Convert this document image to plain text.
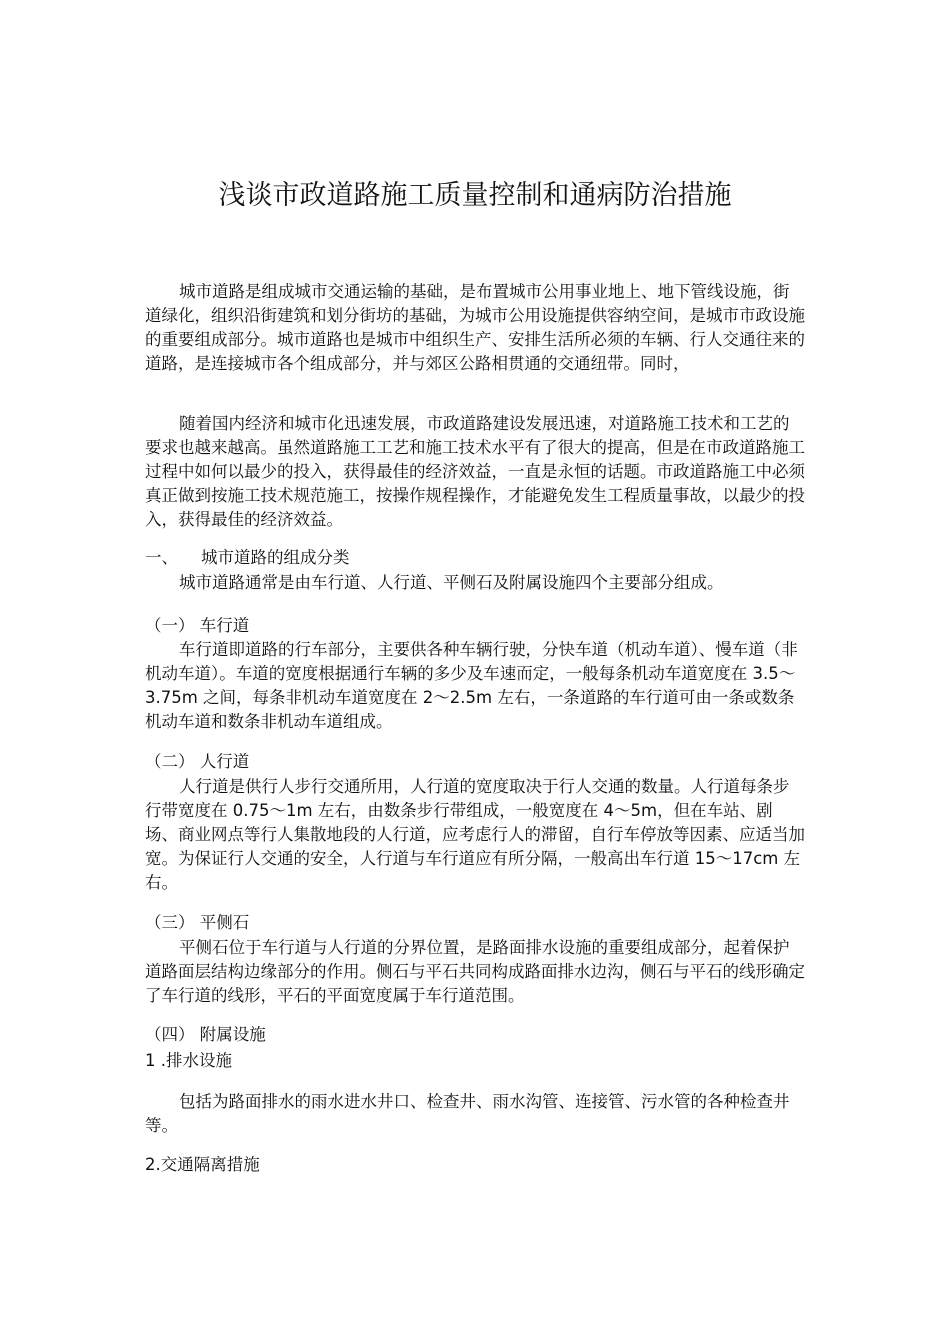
浅谈市政道路施工质量控制和通病防治措施

城市道路是组成城市交通运输的基础，是布置城市公用事业地上、地下管线设施，街道绿化，组织沿街建筑和划分街坊的基础，为城市公用设施提供容纳空间，是城市市政设施的重要组成部分。城市道路也是城市中组织生产、安排生活所必须的车辆、行人交通往来的道路，是连接城市各个组成部分，并与郊区公路相贯通的交通纽带。同时，

随着国内经济和城市化迅速发展，市政道路建设发展迅速，对道路施工技术和工艺的要求也越来越高。虽然道路施工工艺和施工技术水平有了很大的提高，但是在市政道路施工过程中如何以最少的投入，获得最佳的经济效益，一直是永恒的话题。市政道路施工中必须真正做到按施工技术规范施工，按操作规程操作，才能避免发生工程质量事故，以最少的投入，获得最佳的经济效益。

一、 城市道路的组成分类

城市道路通常是由车行道、人行道、平侧石及附属设施四个主要部分组成。

（一） 车行道

车行道即道路的行车部分，主要供各种车辆行驶，分快车道（机动车道）、慢车道（非机动车道）。车道的宽度根据通行车辆的多少及车速而定，一般每条机动车道宽度在 3.5～3.75m 之间，每条非机动车道宽度在 2～2.5m 左右，一条道路的车行道可由一条或数条机动车道和数条非机动车道组成。

（二） 人行道

人行道是供行人步行交通所用，人行道的宽度取决于行人交通的数量。人行道每条步行带宽度在 0.75～1m 左右，由数条步行带组成，一般宽度在 4～5m，但在车站、剧场、商业网点等行人集散地段的人行道，应考虑行人的滞留，自行车停放等因素、应适当加宽。为保证行人交通的安全，人行道与车行道应有所分隔，一般高出车行道 15～17cm 左右。

（三） 平侧石

平侧石位于车行道与人行道的分界位置，是路面排水设施的重要组成部分，起着保护道路面层结构边缘部分的作用。侧石与平石共同构成路面排水边沟，侧石与平石的线形确定了车行道的线形，平石的平面宽度属于车行道范围。

（四） 附属设施

1 .排水设施

包括为路面排水的雨水进水井口、检查井、雨水沟管、连接管、污水管的各种检查井等。

2.交通隔离措施
